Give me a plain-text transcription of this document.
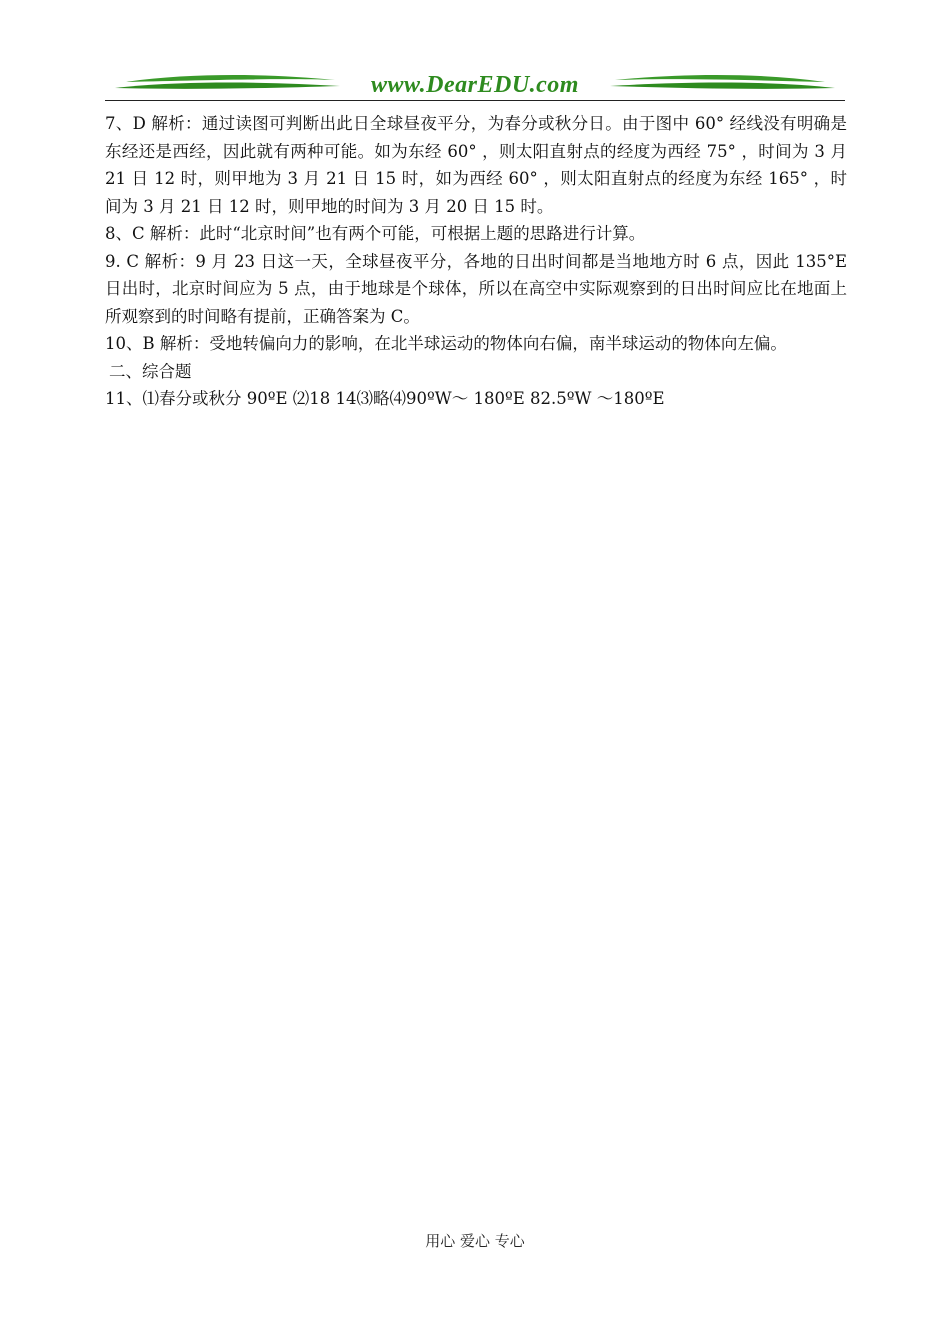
www.DearEDU.com

7、D 解析：通过读图可判断出此日全球昼夜平分，为春分或秋分日。由于图中 60° 经线没有明确是东经还是西经，因此就有两种可能。如为东经 60° ，则太阳直射点的经度为西经 75° ，时间为 3 月 21 日 12 时，则甲地为 3 月 21 日 15 时，如为西经 60° ，则太阳直射点的经度为东经 165° ，时间为 3 月 21 日 12 时，则甲地的时间为 3 月 20 日 15 时。

8、C 解析：此时“北京时间”也有两个可能，可根据上题的思路进行计算。

9. C 解析：9 月 23 日这一天，全球昼夜平分，各地的日出时间都是当地地方时 6 点，因此 135°E 日出时，北京时间应为 5 点，由于地球是个球体，所以在高空中实际观察到的日出时间应比在地面上所观察到的时间略有提前，正确答案为 C。

10、B 解析：受地转偏向力的影响，在北半球运动的物体向右偏，南半球运动的物体向左偏。

二、综合题

11、⑴春分或秋分 90ºE ⑵18 14⑶略⑷90ºW～ 180ºE 82.5ºW ～180ºE

用心 爱心 专心
